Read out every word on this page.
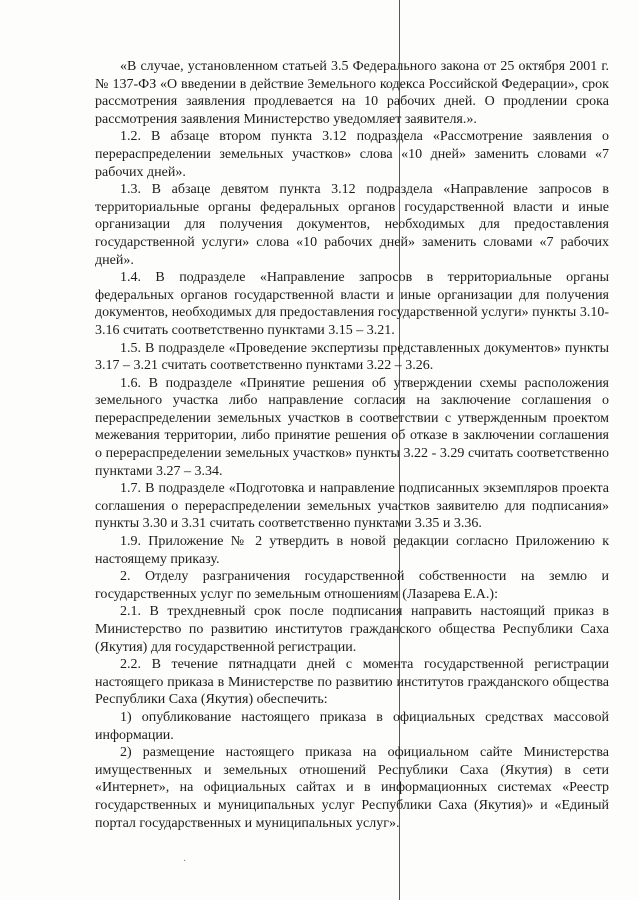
·

«В случае, установленном статьей 3.5 Федерального закона от 25 октября 2001 г. № 137-ФЗ «О введении в действие Земельного кодекса Российской Федерации», срок рассмотрения заявления продлевается на 10 рабочих дней. О продлении срока рассмотрения заявления Министерство уведомляет заявителя.».

1.2. В абзаце втором пункта 3.12 подраздела «Рассмотрение заявления о перераспределении земельных участков» слова «10 дней» заменить словами «7 рабочих дней».

1.3. В абзаце девятом пункта 3.12 подраздела «Направление запросов в территориальные органы федеральных органов государственной власти и иные организации для получения документов, необходимых для предоставления государственной услуги» слова «10 рабочих дней» заменить словами «7 рабочих дней».

1.4. В подразделе «Направление запросов в территориальные органы федеральных органов государственной власти и иные организации для получения документов, необходимых для предоставления государственной услуги» пункты 3.10-3.16 считать соответственно пунктами 3.15 – 3.21.

1.5. В подразделе «Проведение экспертизы представленных документов» пункты 3.17 – 3.21 считать соответственно пунктами 3.22 – 3.26.

1.6. В подразделе «Принятие решения об утверждении схемы расположения земельного участка либо направление согласия на заключение соглашения о перераспределении земельных участков в соответствии с утвержденным проектом межевания территории, либо принятие решения об отказе в заключении соглашения о перераспределении земельных участков» пункты 3.22 - 3.29 считать соответственно пунктами 3.27 – 3.34.

1.7. В подразделе «Подготовка и направление подписанных экземпляров проекта соглашения о перераспределении земельных участков заявителю для подписания» пункты 3.30 и 3.31 считать соответственно пунктами 3.35 и 3.36.

1.9. Приложение № 2 утвердить в новой редакции согласно Приложению к настоящему приказу.

2. Отделу разграничения государственной собственности на землю и государственных услуг по земельным отношениям (Лазарева Е.А.):

2.1. В трехдневный срок после подписания направить настоящий приказ в Министерство по развитию институтов гражданского общества Республики Саха (Якутия) для государственной регистрации.

2.2. В течение пятнадцати дней с момента государственной регистрации настоящего приказа в Министерстве по развитию институтов гражданского общества Республики Саха (Якутия) обеспечить:

1) опубликование настоящего приказа в официальных средствах массовой информации.

2) размещение настоящего приказа на официальном сайте Министерства имущественных и земельных отношений Республики Саха (Якутия) в сети «Интернет», на официальных сайтах и в информационных системах «Реестр государственных и муниципальных услуг Республики Саха (Якутия)» и «Единый портал государственных и муниципальных услуг».
